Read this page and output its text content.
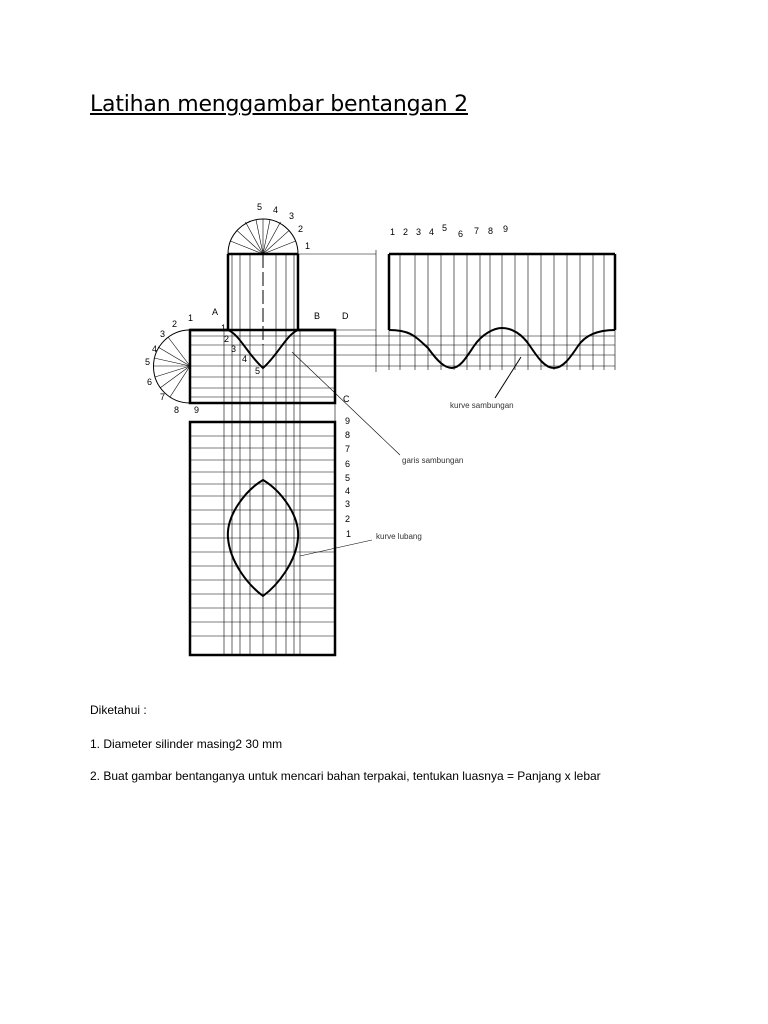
Latihan menggambar bentangan 2
5 4
3
2
1
1
2
3
4
5
6
7
8 9
9
8
7
6
5
4
3
2
1
1
2
3
4
5
1 2 3 4 5
6 7 8 9
A	B D
C
kurve sambungan
garis sambungan
kurve lubang

Diketahui :

1. Diameter silinder masing2 30 mm

2. Buat gambar bentanganya untuk mencari bahan terpakai, tentukan luasnya = Panjang x lebar
